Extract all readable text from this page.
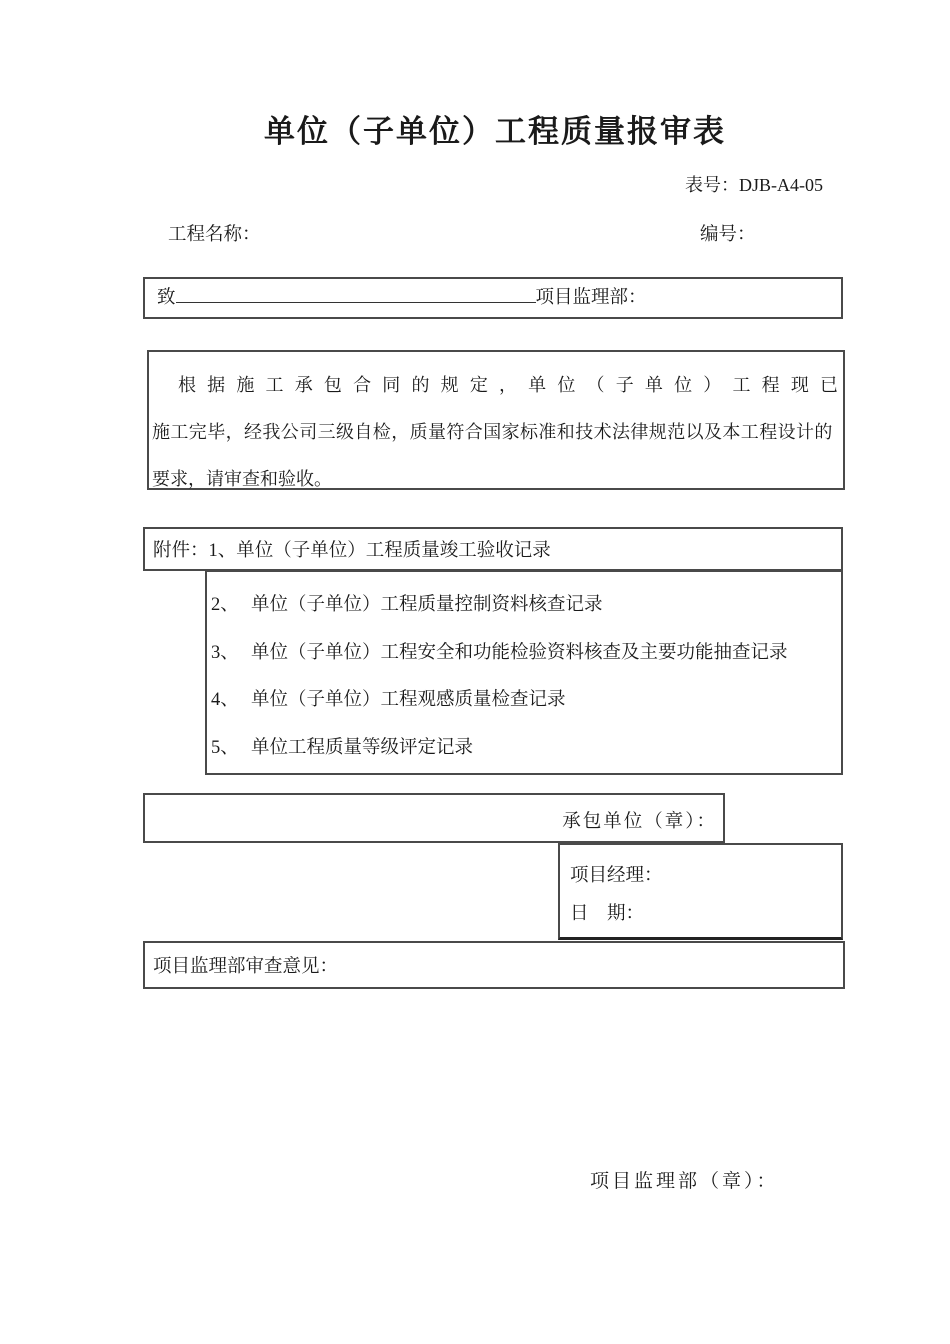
单位（子单位）工程质量报审表
表号：DJB-A4-05
工程名称：	编号：
致	项目监理部：
根 据 施 工 承 包 合 同 的 规 定 ， 单 位 （ 子 单 位 ） 工 程 现 已
施工完毕，经我公司三级自检，质量符合国家标准和技术法律规范以及本工程设计的
要求，请审查和验收。
附件：1、单位（子单位）工程质量竣工验收记录
2、 单位（子单位）工程质量控制资料核查记录
3、 单位（子单位）工程安全和功能检验资料核查及主要功能抽查记录
4、 单位（子单位）工程观感质量检查记录
5、 单位工程质量等级评定记录
承包单位（章）：
项目经理：
日　期：
项目监理部审查意见：
项目监理部（章）：
